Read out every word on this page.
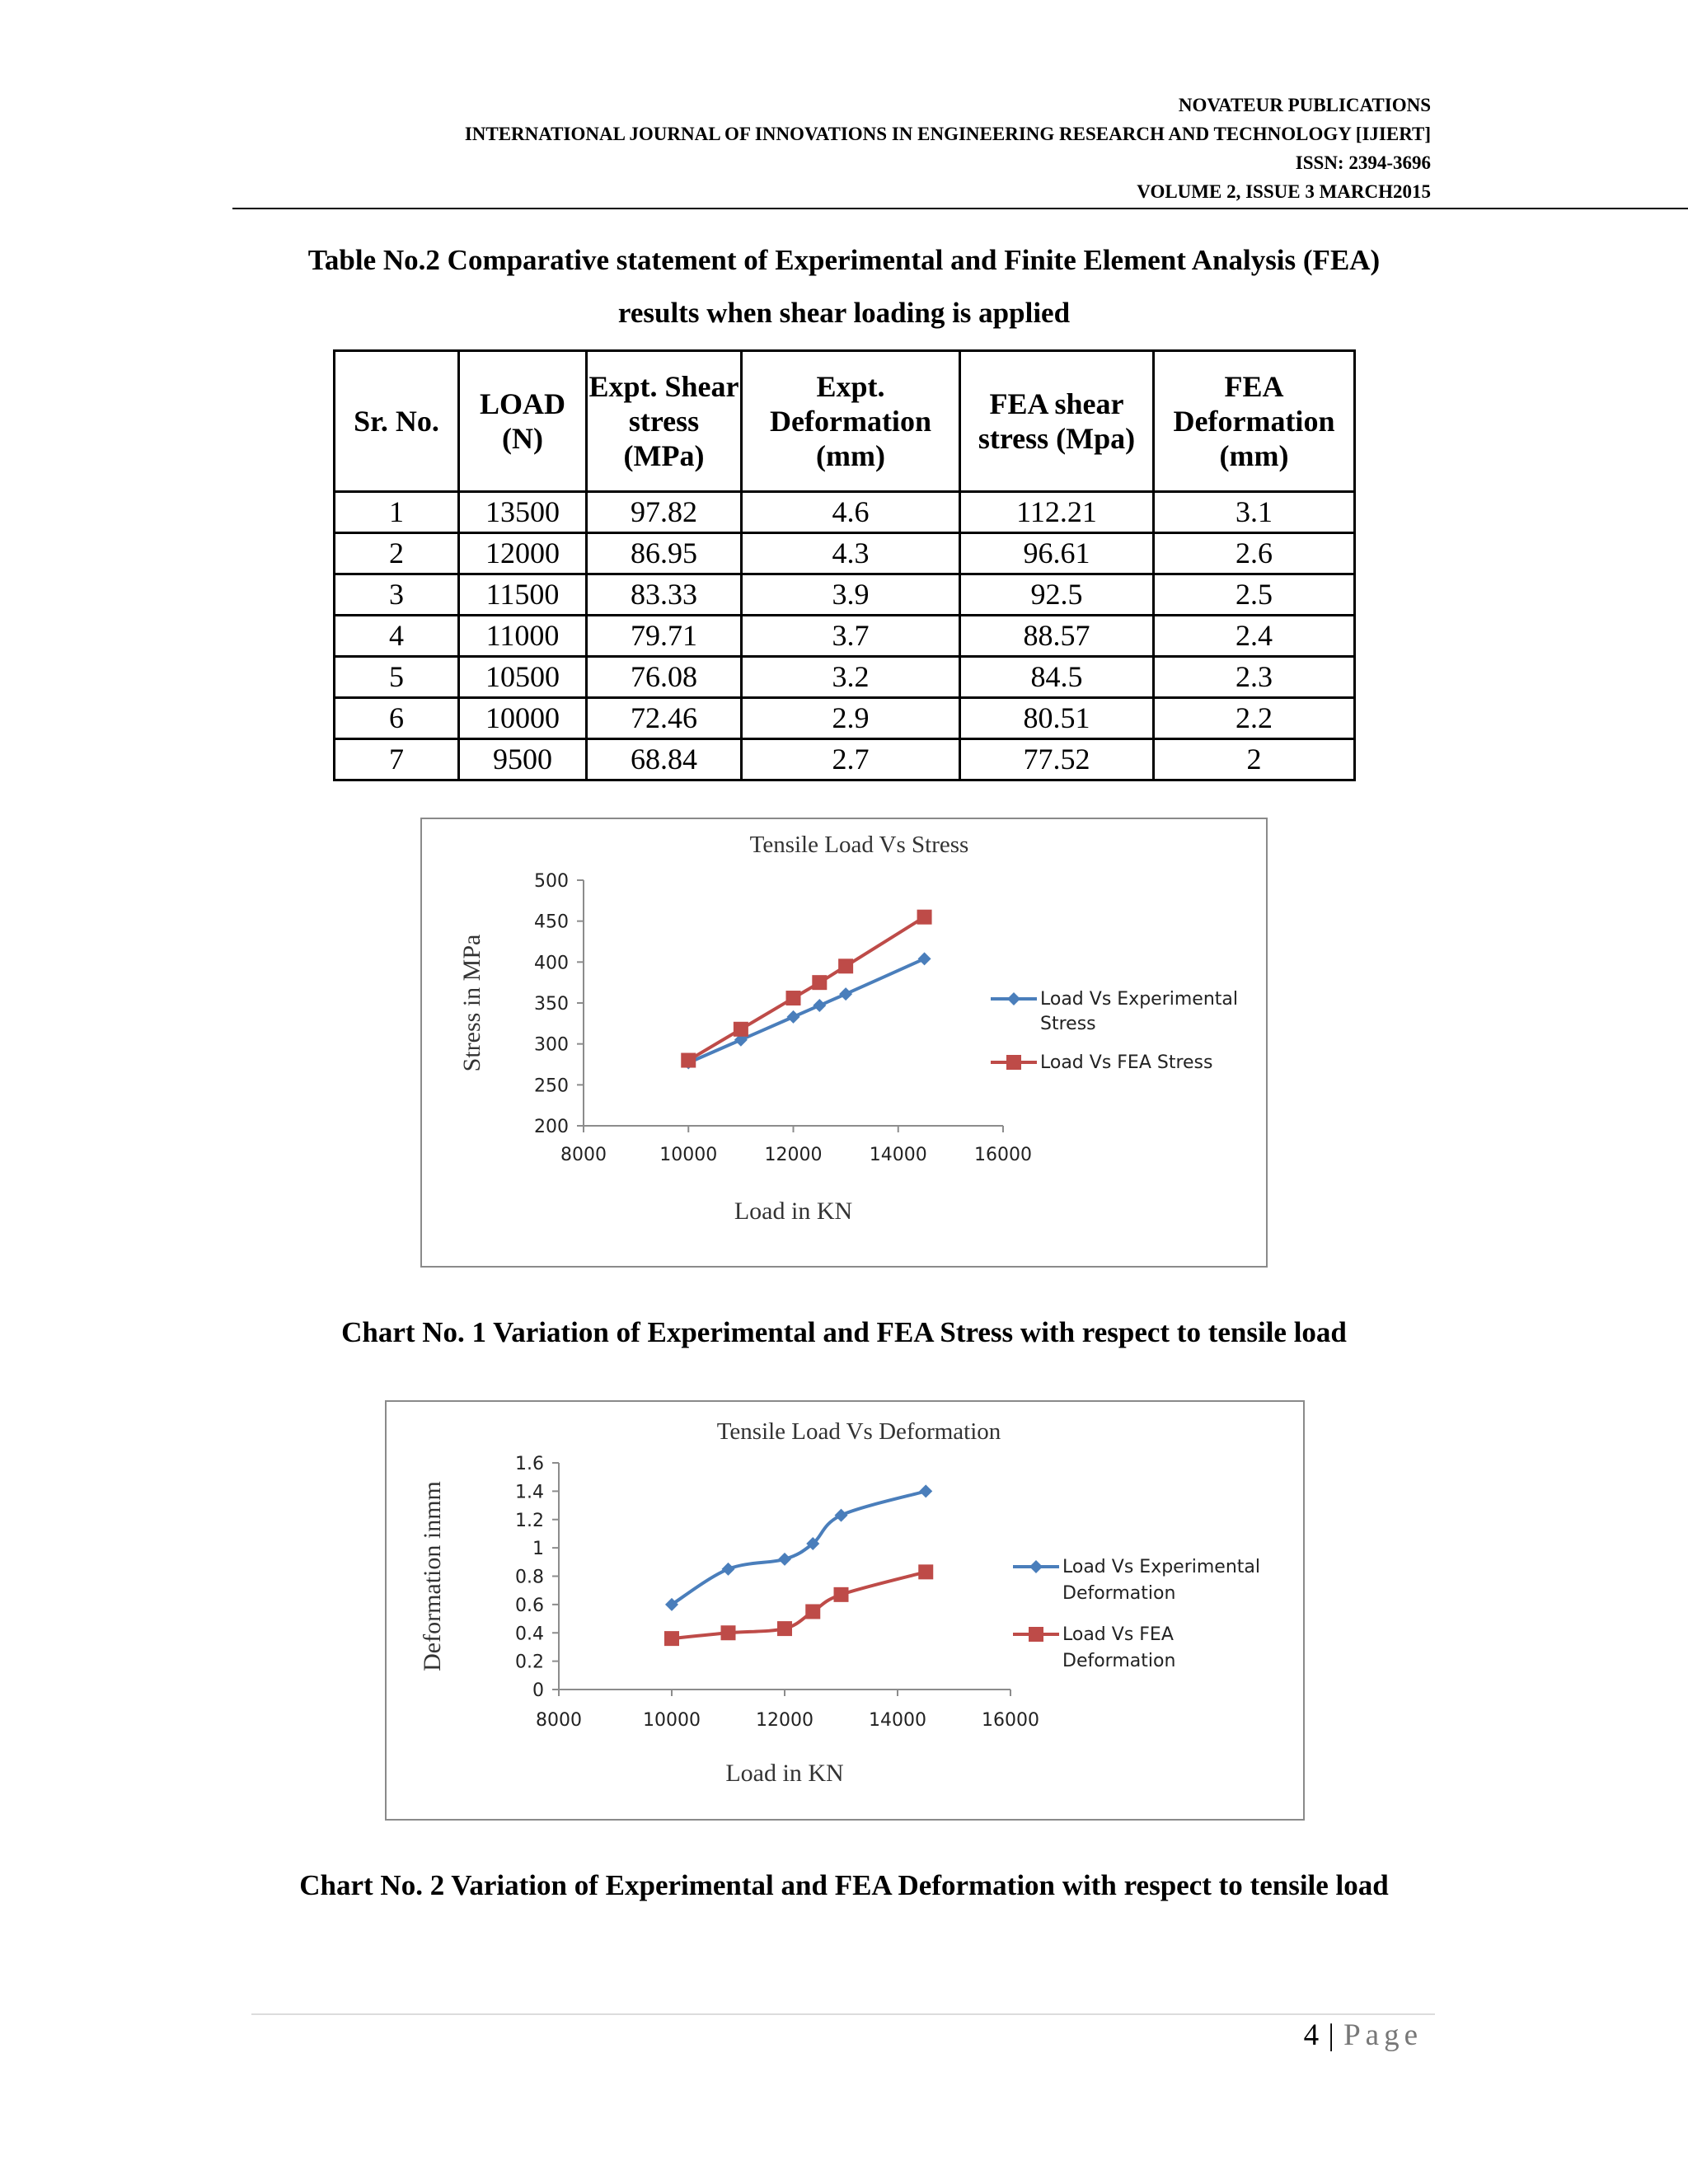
NOVATEUR PUBLICATIONS
INTERNATIONAL JOURNAL OF INNOVATIONS IN ENGINEERING RESEARCH AND TECHNOLOGY [IJIERT]
ISSN: 2394-3696
VOLUME 2, ISSUE 3 MARCH2015
Table No.2 Comparative statement of Experimental and Finite Element Analysis (FEA)
results when shear loading is applied
Sr. No.	LOAD (N)	Expt. Shear stress (MPa)	Expt. Deformation (mm)	FEA shear stress (Mpa)	FEA Deformation (mm)
1	13500	97.82	4.6	112.21	3.1
2	12000	86.95	4.3	96.61	2.6
3	11500	83.33	3.9	92.5	2.5
4	11000	79.71	3.7	88.57	2.4
5	10500	76.08	3.2	84.5	2.3
6	10000	72.46	2.9	80.51	2.2
7	9500	68.84	2.7	77.52	2
Tensile Load Vs Stress
200
250
300
350
400
450
500
8000	10000	12000	14000	16000
Load in KN
Stress in MPa	Load Vs Experimental Stress
Load Vs FEA Stress
Chart No. 1 Variation of Experimental and FEA Stress with respect to tensile load
Tensile Load Vs Deformation
0
0.2
0.4
0.6
0.8
1
1.2
1.4
1.6
8000	10000	12000	14000	16000
Load in KN
Deformation inmm	Load Vs Experimental Deformation
Load Vs FEA Deformation
Chart No. 2 Variation of Experimental and FEA Deformation with respect to tensile load
4 | Page
